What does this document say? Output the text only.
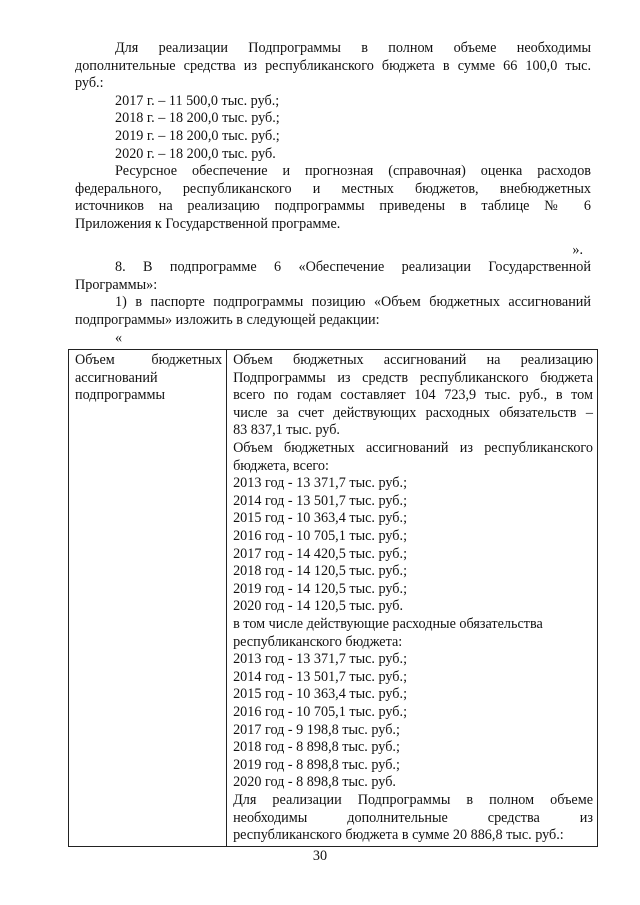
Для реализации Подпрограммы в полном объеме необходимы
дополнительные средства из республиканского бюджета в сумме 66 100,0 тыс.
руб.:
2017 г. – 11 500,0 тыс. руб.;
2018 г. – 18 200,0 тыс. руб.;
2019 г. – 18 200,0 тыс. руб.;
2020 г. – 18 200,0 тыс. руб.
Ресурсное обеспечение и прогнозная (справочная) оценка расходов
федерального, республиканского и местных бюджетов, внебюджетных
источников на реализацию подпрограммы приведены в таблице № 6
Приложения к Государственной программе.
».
8. В подпрограмме 6 «Обеспечение реализации Государственной
Программы»:
1) в паспорте подпрограммы позицию «Объем бюджетных ассигнований
подпрограммы» изложить в следующей редакции:
«
Объем бюджетных
ассигнований
подпрограммы

Объем бюджетных ассигнований на реализацию
Подпрограммы из средств республиканского бюджета
всего по годам составляет 104 723,9 тыс. руб., в том
числе за счет действующих расходных обязательств –
83 837,1 тыс. руб.
Объем бюджетных ассигнований из республиканского
бюджета, всего:
2013 год - 13 371,7 тыс. руб.;
2014 год - 13 501,7 тыс. руб.;
2015 год - 10 363,4 тыс. руб.;
2016 год - 10 705,1 тыс. руб.;
2017 год - 14 420,5 тыс. руб.;
2018 год - 14 120,5 тыс. руб.;
2019 год - 14 120,5 тыс. руб.;
2020 год - 14 120,5 тыс. руб.
в том числе действующие расходные обязательства
республиканского бюджета:
2013 год - 13 371,7 тыс. руб.;
2014 год - 13 501,7 тыс. руб.;
2015 год - 10 363,4 тыс. руб.;
2016 год - 10 705,1 тыс. руб.;
2017 год - 9 198,8 тыс. руб.;
2018 год - 8 898,8 тыс. руб.;
2019 год - 8 898,8 тыс. руб.;
2020 год - 8 898,8 тыс. руб.
Для реализации Подпрограммы в полном объеме
необходимы дополнительные средства из
республиканского бюджета в сумме 20 886,8 тыс. руб.:
30
